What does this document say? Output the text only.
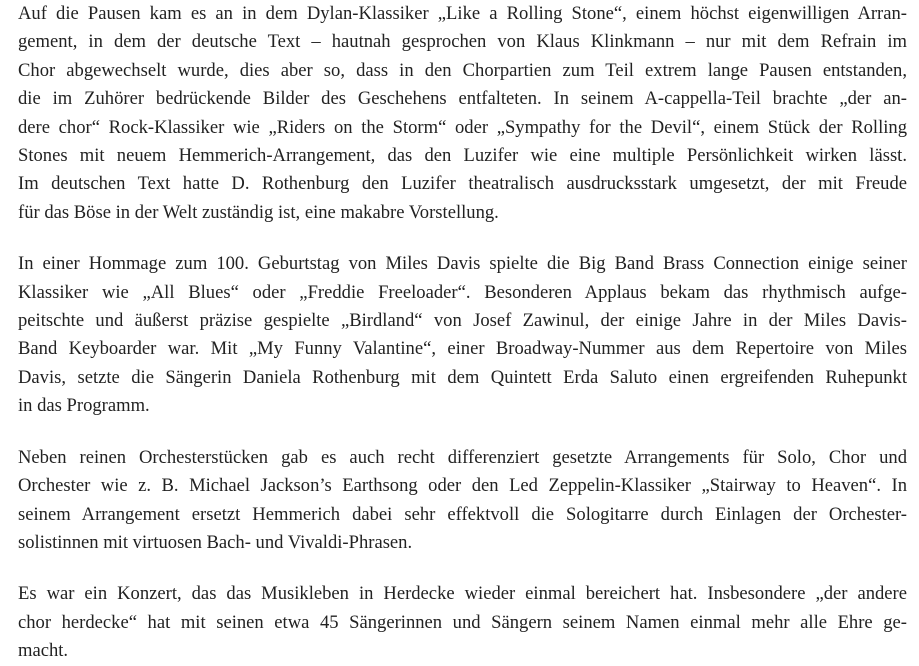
Auf die Pausen kam es an in dem Dylan-Klassiker „Like a Rolling Stone“, einem höchst eigenwilligen Arran-
gement, in dem der deutsche Text – hautnah gesprochen von Klaus Klinkmann – nur mit dem Refrain im
Chor abgewechselt wurde, dies aber so, dass in den Chorpartien zum Teil extrem lange Pausen entstanden,
die im Zuhörer bedrückende Bilder des Geschehens entfalteten. In seinem A-cappella-Teil brachte „der an-
dere chor“ Rock-Klassiker wie „Riders on the Storm“ oder „Sympathy for the Devil“, einem Stück der Rolling
Stones mit neuem Hemmerich-Arrangement, das den Luzifer wie eine multiple Persönlichkeit wirken lässt.
Im deutschen Text hatte D. Rothenburg den Luzifer theatralisch ausdrucksstark umgesetzt, der mit Freude
für das Böse in der Welt zuständig ist, eine makabre Vorstellung.

In einer Hommage zum 100. Geburtstag von Miles Davis spielte die Big Band Brass Connection einige seiner
Klassiker wie „All Blues“ oder „Freddie Freeloader“. Besonderen Applaus bekam das rhythmisch aufge-
peitschte und äußerst präzise gespielte „Birdland“ von Josef Zawinul, der einige Jahre in der Miles Davis-
Band Keyboarder war. Mit „My Funny Valantine“, einer Broadway-Nummer aus dem Repertoire von Miles
Davis, setzte die Sängerin Daniela Rothenburg mit dem Quintett Erda Saluto einen ergreifenden Ruhepunkt
in das Programm.

Neben reinen Orchesterstücken gab es auch recht differenziert gesetzte Arrangements für Solo, Chor und
Orchester wie z. B. Michael Jackson’s Earthsong oder den Led Zeppelin-Klassiker „Stairway to Heaven“. In
seinem Arrangement ersetzt Hemmerich dabei sehr effektvoll die Sologitarre durch Einlagen der Orchester-
solistinnen mit virtuosen Bach- und Vivaldi-Phrasen.

Es war ein Konzert, das das Musikleben in Herdecke wieder einmal bereichert hat. Insbesondere „der andere
chor herdecke“ hat mit seinen etwa 45 Sängerinnen und Sängern seinem Namen einmal mehr alle Ehre ge-
macht.
